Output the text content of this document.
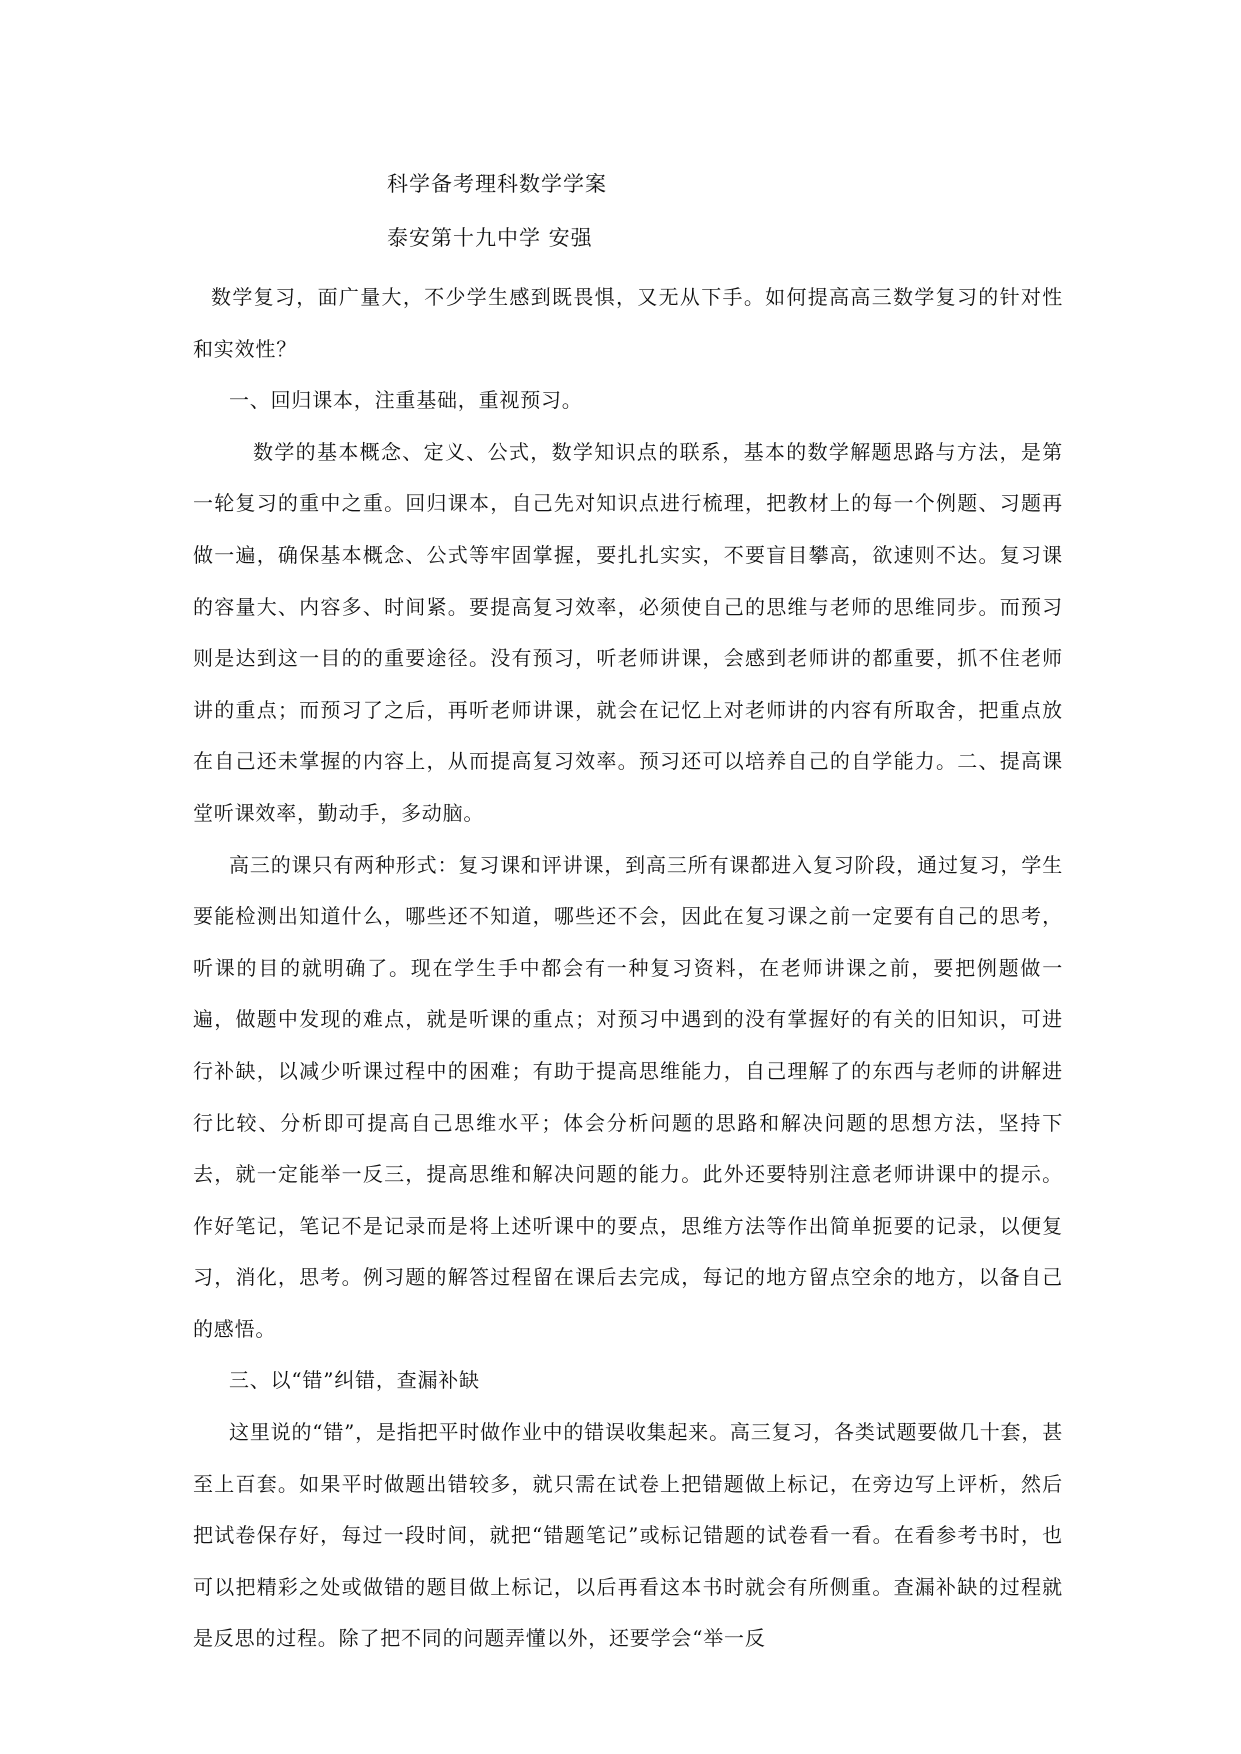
科学备考理科数学学案
泰安第十九中学 安强

数学复习，面广量大，不少学生感到既畏惧，又无从下手。如何提高高三数学复习的针对性和实效性？

一、回归课本，注重基础，重视预习。

数学的基本概念、定义、公式，数学知识点的联系，基本的数学解题思路与方法，是第一轮复习的重中之重。回归课本，自己先对知识点进行梳理，把教材上的每一个例题、习题再做一遍，确保基本概念、公式等牢固掌握，要扎扎实实，不要盲目攀高，欲速则不达。复习课的容量大、内容多、时间紧。要提高复习效率，必须使自己的思维与老师的思维同步。而预习则是达到这一目的的重要途径。没有预习，听老师讲课，会感到老师讲的都重要，抓不住老师讲的重点；而预习了之后，再听老师讲课，就会在记忆上对老师讲的内容有所取舍，把重点放在自己还未掌握的内容上，从而提高复习效率。预习还可以培养自己的自学能力。二、提高课堂听课效率，勤动手，多动脑。

高三的课只有两种形式：复习课和评讲课，到高三所有课都进入复习阶段，通过复习，学生要能检测出知道什么，哪些还不知道，哪些还不会，因此在复习课之前一定要有自己的思考，听课的目的就明确了。现在学生手中都会有一种复习资料，在老师讲课之前，要把例题做一遍，做题中发现的难点，就是听课的重点；对预习中遇到的没有掌握好的有关的旧知识，可进行补缺，以减少听课过程中的困难；有助于提高思维能力，自己理解了的东西与老师的讲解进行比较、分析即可提高自己思维水平；体会分析问题的思路和解决问题的思想方法，坚持下去，就一定能举一反三，提高思维和解决问题的能力。此外还要特别注意老师讲课中的提示。作好笔记，笔记不是记录而是将上述听课中的要点，思维方法等作出简单扼要的记录，以便复习，消化，思考。例习题的解答过程留在课后去完成，每记的地方留点空余的地方，以备自己的感悟。

三、以“错”纠错，查漏补缺

这里说的“错”，是指把平时做作业中的错误收集起来。高三复习，各类试题要做几十套，甚至上百套。如果平时做题出错较多，就只需在试卷上把错题做上标记，在旁边写上评析，然后把试卷保存好，每过一段时间，就把“错题笔记”或标记错题的试卷看一看。在看参考书时，也可以把精彩之处或做错的题目做上标记，以后再看这本书时就会有所侧重。查漏补缺的过程就是反思的过程。除了把不同的问题弄懂以外，还要学会“举一反
